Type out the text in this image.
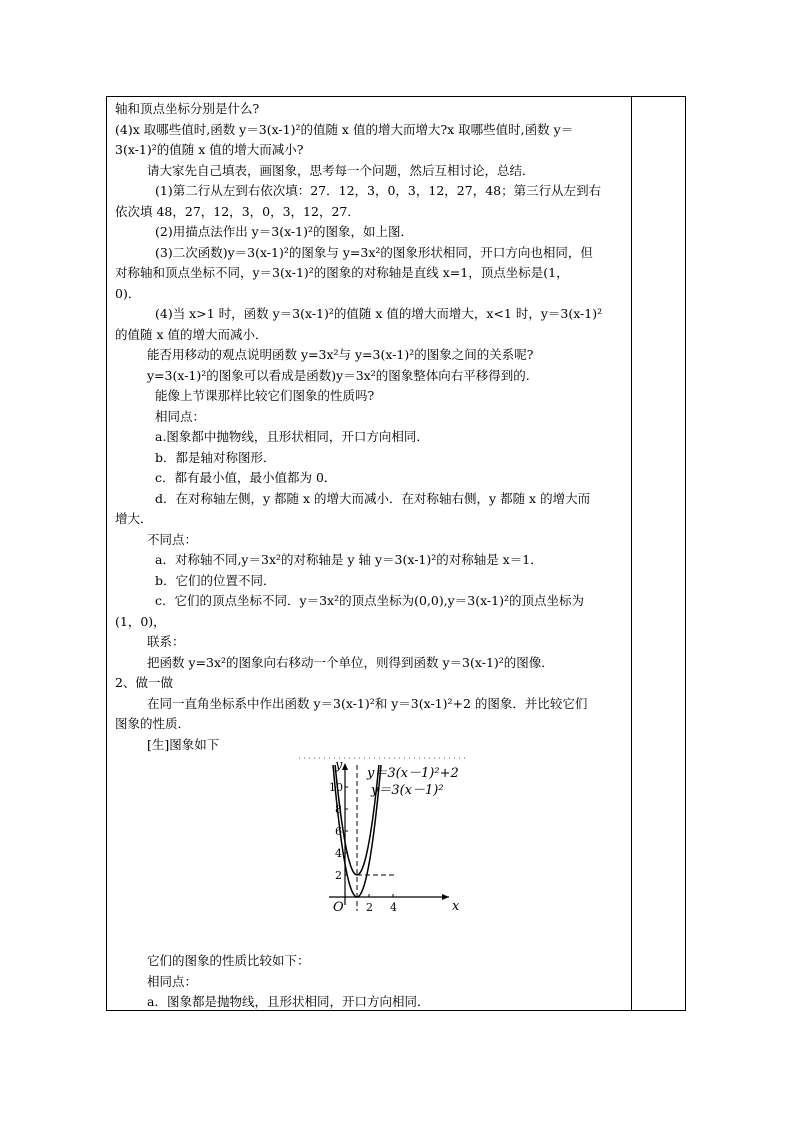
轴和顶点坐标分别是什么?
(4)x 取哪些值时,函数 y＝3(x-1)²的值随 x 值的增大而增大?x 取哪些值时,函数 y＝
3(x-1)²的值随 x 值的增大而减小?
请大家先自己填表，画图象，思考每一个问题，然后互相讨论，总结．
(1)第二行从左到右依次填：27．12，3，0，3，12，27，48；第三行从左到右
依次填 48，27，12，3，0，3，12，27．
(2)用描点法作出 y＝3(x-1)²的图象，如上图．
(3)二次函数)y＝3(x-1)²的图象与 y=3x²的图象形状相同，开口方向也相同，但
对称轴和顶点坐标不同，y＝3(x-1)²的图象的对称轴是直线 x=1，顶点坐标是(1，
0)．
(4)当 x>1 时，函数 y＝3(x-1)²的值随 x 值的增大而增大，x<1 时，y＝3(x-1)²
的值随 x 值的增大而减小．
能否用移动的观点说明函数 y=3x²与 y=3(x-1)²的图象之间的关系呢?
y=3(x-1)²的图象可以看成是函数)y＝3x²的图象整体向右平移得到的.
能像上节课那样比较它们图象的性质吗?
相同点：
a.图象都中抛物线，且形状相同，开口方向相同．
b．都是轴对称图形．
c．都有最小值，最小值都为 0．
d．在对称轴左侧，y 都随 x 的增大而减小．在对称轴右侧，y 都随 x 的增大而
增大．
不同点：
a．对称轴不同,y＝3x²的对称轴是 y 轴 y＝3(x-1)²的对称轴是 x＝1．
b．它们的位置不同．
c．它们的顶点坐标不同．y＝3x²的顶点坐标为(0,0),y＝3(x-1)²的顶点坐标为
(1，0)，
联系：
把函数 y=3x²的图象向右移动一个单位，则得到函数 y＝3(x-1)²的图像．
2、做一做
在同一直角坐标系中作出函数 y＝3(x-1)²和 y＝3(x-1)²+2 的图象．并比较它们
图象的性质．
[生]图象如下
x
y
O 2 4
10
8
6
4
2
y＝3(x－1)²+2
y＝3(x－1)²
它们的图象的性质比较如下：
相同点：
a．图象都是抛物线，且形状相同，开口方向相同．
